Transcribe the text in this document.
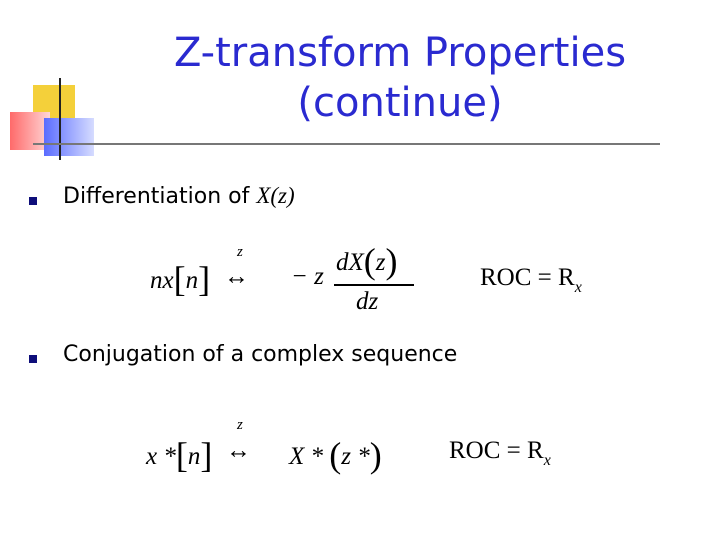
Z-transform Properties
(continue)
Differentiation of X(z)
nx[n]
z
↔ − z
dX(z)
dz
ROC = $R_x$
Conjugation of a complex sequence
x *[n]
z
↔ X * (z *)	ROC = $R_x$
